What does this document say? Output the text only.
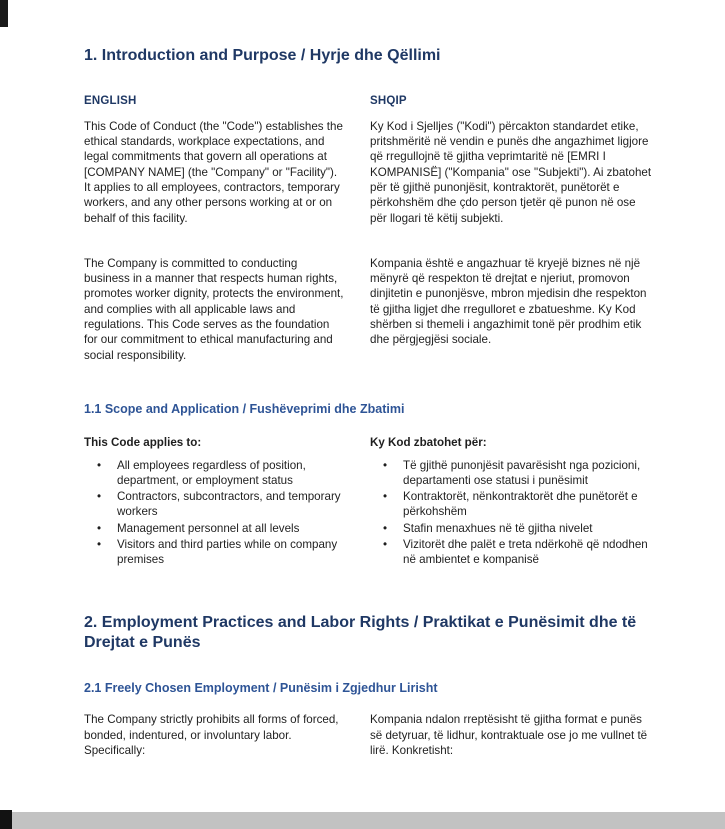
1. Introduction and Purpose / Hyrje dhe Qëllimi
ENGLISH	SHQIP

This Code of Conduct (the "Code") establishes the ethical standards, workplace expectations, and legal commitments that govern all operations at [COMPANY NAME] (the "Company" or "Facility"). It applies to all employees, contractors, temporary workers, and any other persons working at or on behalf of this facility.

Ky Kod i Sjelljes ("Kodi") përcakton standardet etike, pritshmëritë në vendin e punës dhe angazhimet ligjore që rregullojnë të gjitha veprimtaritë në [EMRI I KOMPANISË] ("Kompania" ose "Subjekti"). Ai zbatohet për të gjithë punonjësit, kontraktorët, punëtorët e përkohshëm dhe çdo person tjetër që punon në ose për llogari të këtij subjekti.

The Company is committed to conducting business in a manner that respects human rights, promotes worker dignity, protects the environment, and complies with all applicable laws and regulations. This Code serves as the foundation for our commitment to ethical manufacturing and social responsibility.

Kompania është e angazhuar të kryejë biznes në një mënyrë që respekton të drejtat e njeriut, promovon dinjitetin e punonjësve, mbron mjedisin dhe respekton të gjitha ligjet dhe rregulloret e zbatueshme. Ky Kod shërben si themeli i angazhimit tonë për prodhim etik dhe përgjegjësi sociale.

1.1 Scope and Application / Fushëveprimi dhe Zbatimi

This Code applies to:	Ky Kod zbatohet për:

• All employees regardless of position, department, or employment status
• Contractors, subcontractors, and temporary workers
• Management personnel at all levels
• Visitors and third parties while on company premises
• Të gjithë punonjësit pavarësisht nga pozicioni, departamenti ose statusi i punësimit
• Kontraktorët, nënkontraktorët dhe punëtorët e përkohshëm
• Stafin menaxhues në të gjitha nivelet
• Vizitorët dhe palët e treta ndërkohë që ndodhen në ambientet e kompanisë
2. Employment Practices and Labor Rights / Praktikat e Punësimit dhe të Drejtat e Punës
2.1 Freely Chosen Employment / Punësim i Zgjedhur Lirisht

The Company strictly prohibits all forms of forced, bonded, indentured, or involuntary labor. Specifically:

Kompania ndalon rreptësisht të gjitha format e punës së detyruar, të lidhur, kontraktuale ose jo me vullnet të lirë. Konkretisht:
